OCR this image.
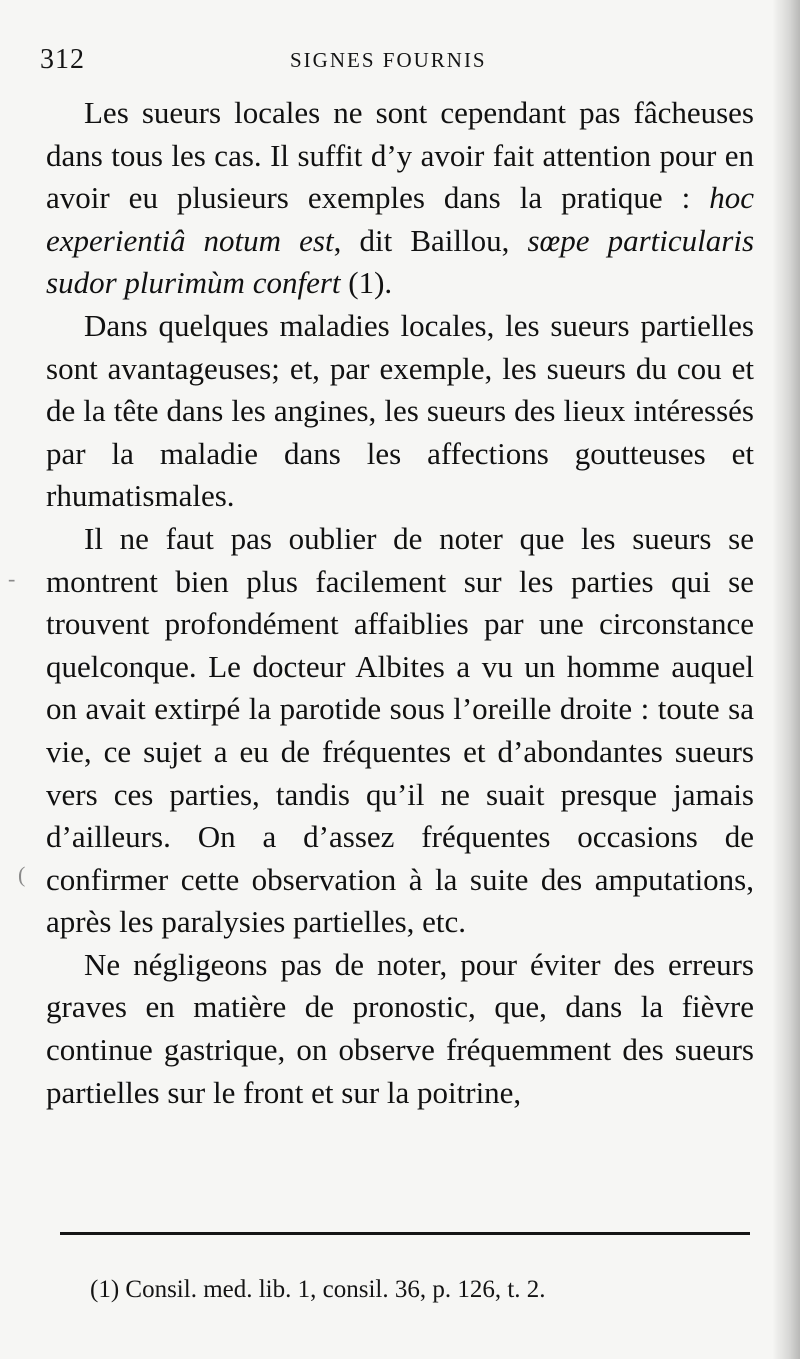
312	SIGNES FOURNIS

Les sueurs locales ne sont cependant pas fâcheuses dans tous les cas. Il suffit d’y avoir fait attention pour en avoir eu plusieurs exemples dans la pratique : hoc experientiâ notum est, dit Baillou, sœpe particularis sudor plurimùm confert (1).

Dans quelques maladies locales, les sueurs partielles sont avantageuses; et, par exemple, les sueurs du cou et de la tête dans les angines, les sueurs des lieux intéressés par la maladie dans les affections goutteuses et rhumatismales.

Il ne faut pas oublier de noter que les sueurs se montrent bien plus facilement sur les parties qui se trouvent profondément affaiblies par une circonstance quelconque. Le docteur Albites a vu un homme auquel on avait extirpé la parotide sous l’oreille droite : toute sa vie, ce sujet a eu de fréquentes et d’abondantes sueurs vers ces parties, tandis qu’il ne suait presque jamais d’ailleurs. On a d’assez fréquentes occasions de confirmer cette observation à la suite des amputations, après les paralysies partielles, etc.

Ne négligeons pas de noter, pour éviter des erreurs graves en matière de pronostic, que, dans la fièvre continue gastrique, on observe fréquemment des sueurs partielles sur le front et sur la poitrine,

(1) Consil. med. lib. 1, consil. 36, p. 126, t. 2.
-
(
